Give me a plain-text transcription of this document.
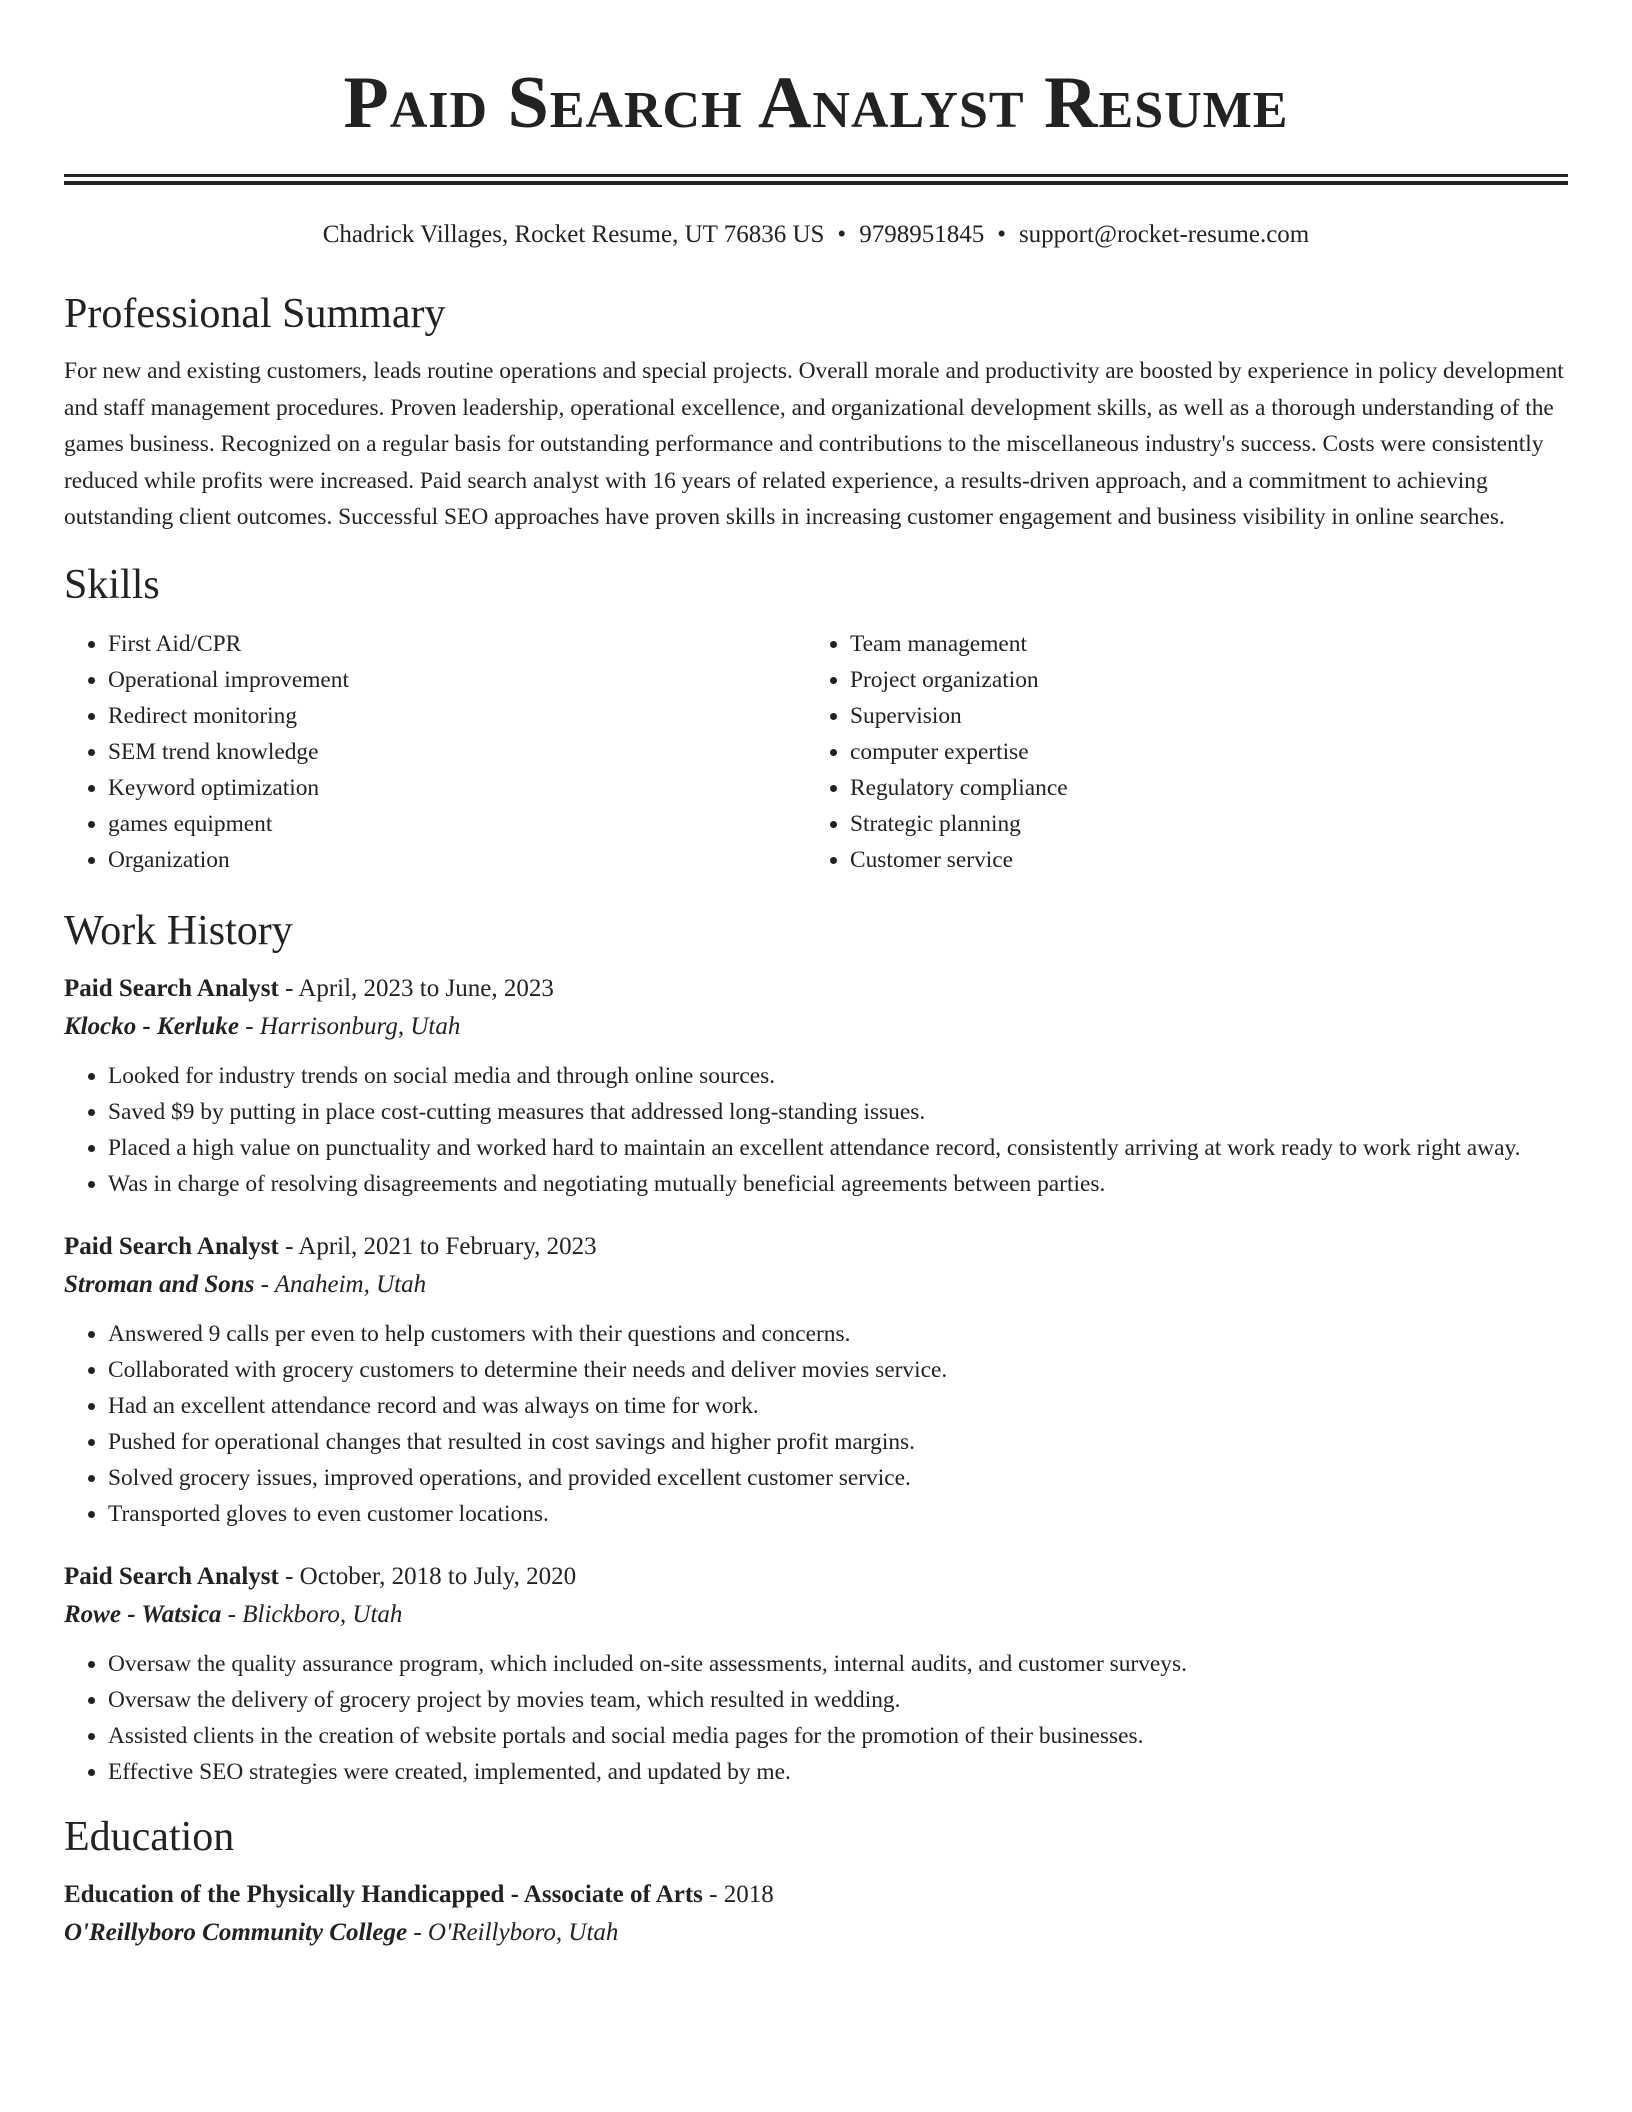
Paid Search Analyst Resume
Chadrick Villages, Rocket Resume, UT 76836 US • 9798951845 • support@rocket-resume.com
Professional Summary

For new and existing customers, leads routine operations and special projects. Overall morale and productivity are boosted by experience in policy development and staff management procedures. Proven leadership, operational excellence, and organizational development skills, as well as a thorough understanding of the games business. Recognized on a regular basis for outstanding performance and contributions to the miscellaneous industry's success. Costs were consistently reduced while profits were increased. Paid search analyst with 16 years of related experience, a results-driven approach, and a commitment to achieving outstanding client outcomes. Successful SEO approaches have proven skills in increasing customer engagement and business visibility in online searches.

Skills
• First Aid/CPR
• Operational improvement
• Redirect monitoring
• SEM trend knowledge
• Keyword optimization
• games equipment
• Organization
• Team management
• Project organization
• Supervision
• computer expertise
• Regulatory compliance
• Strategic planning
• Customer service
Work History

Paid Search Analyst - April, 2023 to June, 2023

Klocko - Kerluke - Harrisonburg, Utah

• Looked for industry trends on social media and through online sources.
• Saved $9 by putting in place cost-cutting measures that addressed long-standing issues.
• Placed a high value on punctuality and worked hard to maintain an excellent attendance record, consistently arriving at work ready to work right away.
• Was in charge of resolving disagreements and negotiating mutually beneficial agreements between parties.

Paid Search Analyst - April, 2021 to February, 2023

Stroman and Sons - Anaheim, Utah

• Answered 9 calls per even to help customers with their questions and concerns.
• Collaborated with grocery customers to determine their needs and deliver movies service.
• Had an excellent attendance record and was always on time for work.
• Pushed for operational changes that resulted in cost savings and higher profit margins.
• Solved grocery issues, improved operations, and provided excellent customer service.
• Transported gloves to even customer locations.

Paid Search Analyst - October, 2018 to July, 2020

Rowe - Watsica - Blickboro, Utah

• Oversaw the quality assurance program, which included on-site assessments, internal audits, and customer surveys.
• Oversaw the delivery of grocery project by movies team, which resulted in wedding.
• Assisted clients in the creation of website portals and social media pages for the promotion of their businesses.
• Effective SEO strategies were created, implemented, and updated by me.
Education

Education of the Physically Handicapped - Associate of Arts - 2018

O'Reillyboro Community College - O'Reillyboro, Utah
